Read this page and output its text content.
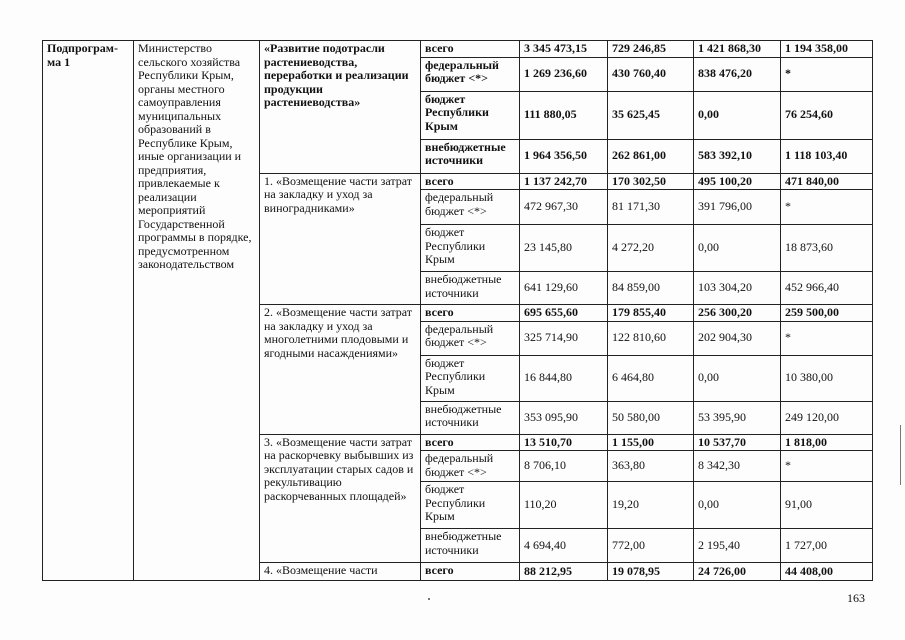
Подпрограм-ма 1	Министерство сельского хозяйства Республики Крым, органы местного самоуправления муниципальных образований в Республике Крым, иные организации и предприятия, привлекаемые к реализации мероприятий Государственной программы в порядке, предусмотренном законодательством	«Развитие подотрасли растениеводства, переработки и реализации продукции растениеводства»	всего	3 345 473,15	729 246,85	1 421 868,30	1 194 358,00
			федеральный бюджет <*>	1 269 236,60	430 760,40	838 476,20	*
			бюджет Республики Крым	111 880,05	35 625,45	0,00	76 254,60
			внебюджетные источники	1 964 356,50	262 861,00	583 392,10	1 118 103,40
		1. «Возмещение части затрат на закладку и уход за виноградниками»	всего	1 137 242,70	170 302,50	495 100,20	471 840,00
			федеральный бюджет <*>	472 967,30	81 171,30	391 796,00	*
			бюджет Республики Крым	23 145,80	4 272,20	0,00	18 873,60
			внебюджетные источники	641 129,60	84 859,00	103 304,20	452 966,40
		2. «Возмещение части затрат на закладку и уход за многолетними плодовыми и ягодными насаждениями»	всего	695 655,60	179 855,40	256 300,20	259 500,00
			федеральный бюджет <*>	325 714,90	122 810,60	202 904,30	*
			бюджет Республики Крым	16 844,80	6 464,80	0,00	10 380,00
			внебюджетные источники	353 095,90	50 580,00	53 395,90	249 120,00
		3. «Возмещение части затрат на раскорчевку выбывших из эксплуатации старых садов и рекультивацию раскорчеванных площадей»	всего	13 510,70	1 155,00	10 537,70	1 818,00
			федеральный бюджет <*>	8 706,10	363,80	8 342,30	*
			бюджет Республики Крым	110,20	19,20	0,00	91,00
			внебюджетные источники	4 694,40	772,00	2 195,40	1 727,00
		4. «Возмещение части	всего	88 212,95	19 078,95	24 726,00	44 408,00
163
